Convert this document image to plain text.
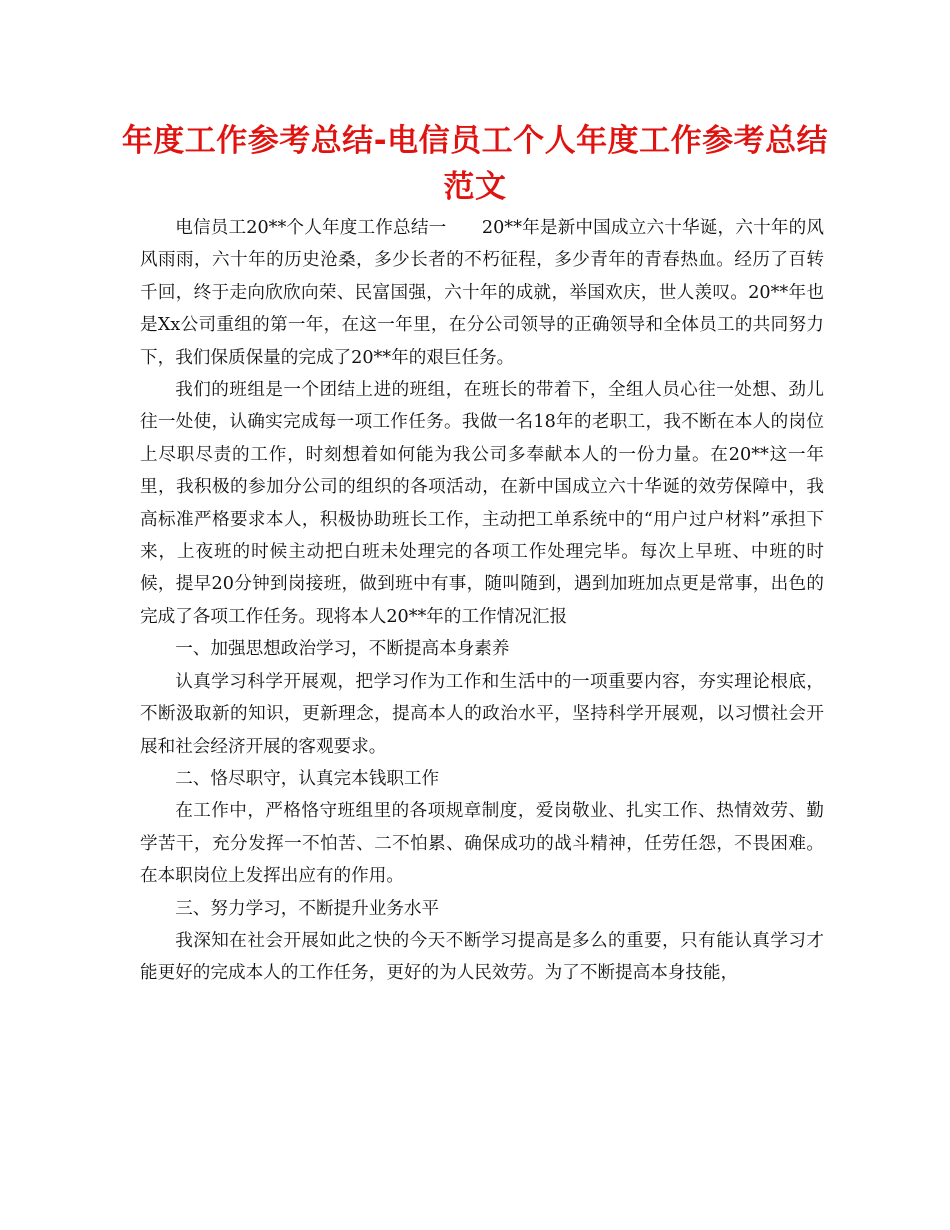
年度工作参考总结-电信员工个人年度工作参考总结范文

电信员工20**个人年度工作总结一　　20**年是新中国成立六十华诞，六十年的风风雨雨，六十年的历史沧桑，多少长者的不朽征程，多少青年的青春热血。经历了百转千回，终于走向欣欣向荣、民富国强，六十年的成就，举国欢庆，世人羡叹。20**年也是Xx公司重组的第一年，在这一年里，在分公司领导的正确领导和全体员工的共同努力下，我们保质保量的完成了20**年的艰巨任务。

我们的班组是一个团结上进的班组，在班长的带着下，全组人员心往一处想、劲儿往一处使，认确实完成每一项工作任务。我做一名18年的老职工，我不断在本人的岗位上尽职尽责的工作，时刻想着如何能为我公司多奉献本人的一份力量。在20**这一年里，我积极的参加分公司的组织的各项活动，在新中国成立六十华诞的效劳保障中，我高标准严格要求本人，积极协助班长工作，主动把工单系统中的“用户过户材料”承担下来，上夜班的时候主动把白班未处理完的各项工作处理完毕。每次上早班、中班的时候，提早20分钟到岗接班，做到班中有事，随叫随到，遇到加班加点更是常事，出色的完成了各项工作任务。现将本人20**年的工作情况汇报

一、加强思想政治学习，不断提高本身素养

认真学习科学开展观，把学习作为工作和生活中的一项重要内容，夯实理论根底，不断汲取新的知识，更新理念，提高本人的政治水平，坚持科学开展观，以习惯社会开展和社会经济开展的客观要求。

二、恪尽职守，认真完本钱职工作

在工作中，严格恪守班组里的各项规章制度，爱岗敬业、扎实工作、热情效劳、勤学苦干，充分发挥一不怕苦、二不怕累、确保成功的战斗精神，任劳任怨，不畏困难。在本职岗位上发挥出应有的作用。

三、努力学习，不断提升业务水平

我深知在社会开展如此之快的今天不断学习提高是多么的重要，只有能认真学习才能更好的完成本人的工作任务，更好的为人民效劳。为了不断提高本身技能，
